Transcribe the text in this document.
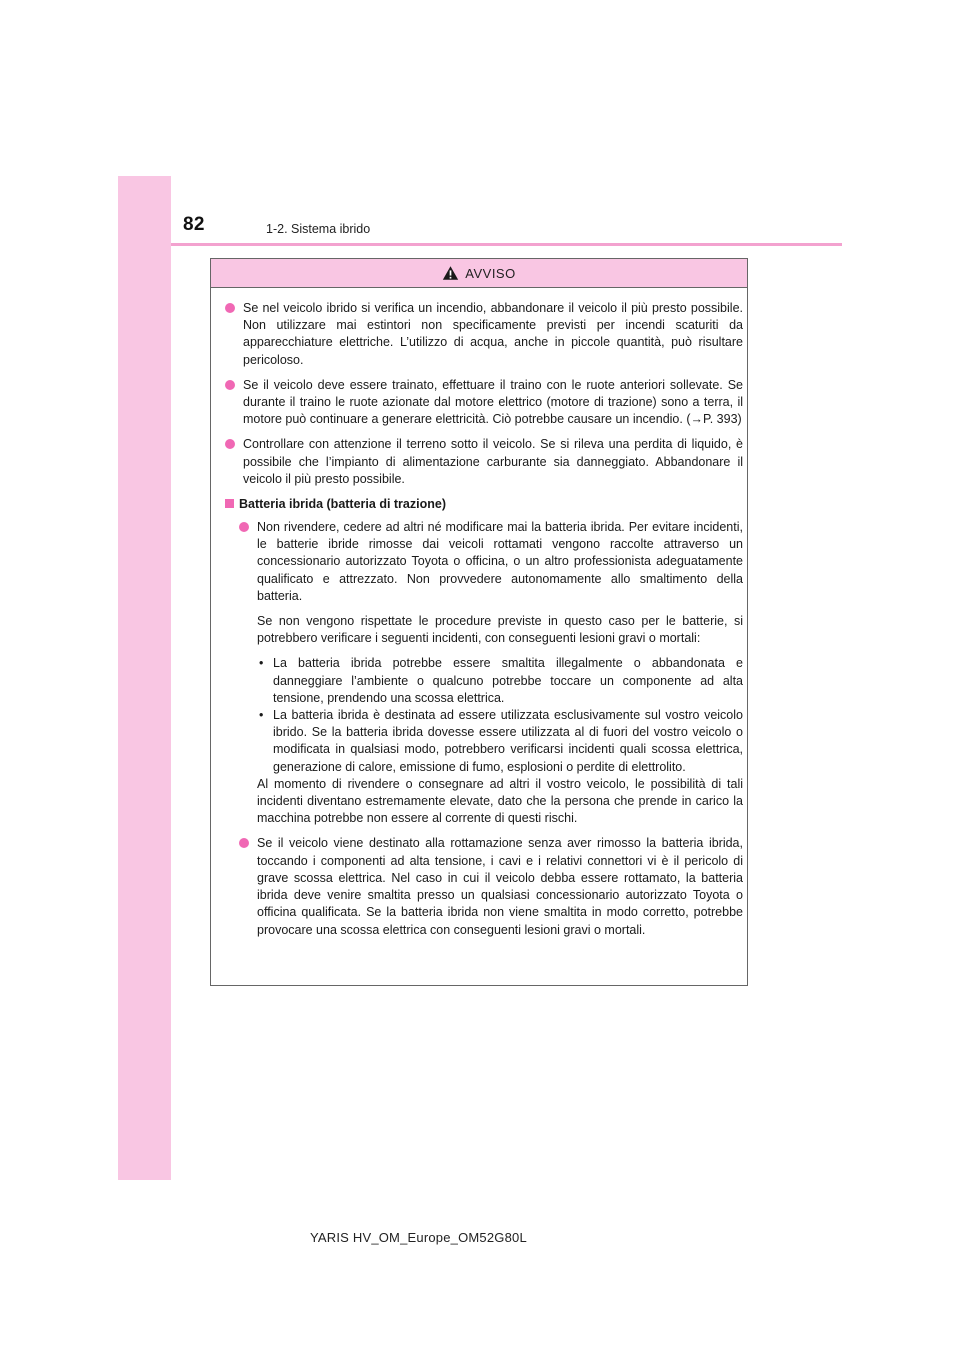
82	1-2. Sistema ibrido
AVVISO
Se nel veicolo ibrido si verifica un incendio, abbandonare il veicolo il più presto possibile. Non utilizzare mai estintori non specificamente previsti per incendi scaturiti da apparecchiature elettriche. L’utilizzo di acqua, anche in piccole quantità, può risultare pericoloso.
Se il veicolo deve essere trainato, effettuare il traino con le ruote anteriori sollevate. Se durante il traino le ruote azionate dal motore elettrico (motore di trazione) sono a terra, il motore può continuare a generare elettricità. Ciò potrebbe causare un incendio. (→P. 393)
Controllare con attenzione il terreno sotto il veicolo. Se si rileva una perdita di liquido, è possibile che l’impianto di alimentazione carburante sia danneggiato. Abbandonare il veicolo il più presto possibile.
Batteria ibrida (batteria di trazione)
Non rivendere, cedere ad altri né modificare mai la batteria ibrida. Per evitare incidenti, le batterie ibride rimosse dai veicoli rottamati vengono raccolte attraverso un concessionario autorizzato Toyota o officina, o un altro professionista adeguatamente qualificato e attrezzato. Non provvedere autonomamente allo smaltimento della batteria.

Se non vengono rispettate le procedure previste in questo caso per le batterie, si potrebbero verificare i seguenti incidenti, con conseguenti lesioni gravi o mortali:

• La batteria ibrida potrebbe essere smaltita illegalmente o abbandonata e danneggiare l’ambiente o qualcuno potrebbe toccare un componente ad alta tensione, prendendo una scossa elettrica.
• La batteria ibrida è destinata ad essere utilizzata esclusivamente sul vostro veicolo ibrido. Se la batteria ibrida dovesse essere utilizzata al di fuori del vostro veicolo o modificata in qualsiasi modo, potrebbero verificarsi incidenti quali scossa elettrica, generazione di calore, emissione di fumo, esplosioni o perdite di elettrolito.

Al momento di rivendere o consegnare ad altri il vostro veicolo, le possibilità di tali incidenti diventano estremamente elevate, dato che la persona che prende in carico la macchina potrebbe non essere al corrente di questi rischi.

Se il veicolo viene destinato alla rottamazione senza aver rimosso la batteria ibrida, toccando i componenti ad alta tensione, i cavi e i relativi connettori vi è il pericolo di grave scossa elettrica. Nel caso in cui il veicolo debba essere rottamato, la batteria ibrida deve venire smaltita presso un qualsiasi concessionario autorizzato Toyota o officina qualificata. Se la batteria ibrida non viene smaltita in modo corretto, potrebbe provocare una scossa elettrica con conseguenti lesioni gravi o mortali.
YARIS HV_OM_Europe_OM52G80L
